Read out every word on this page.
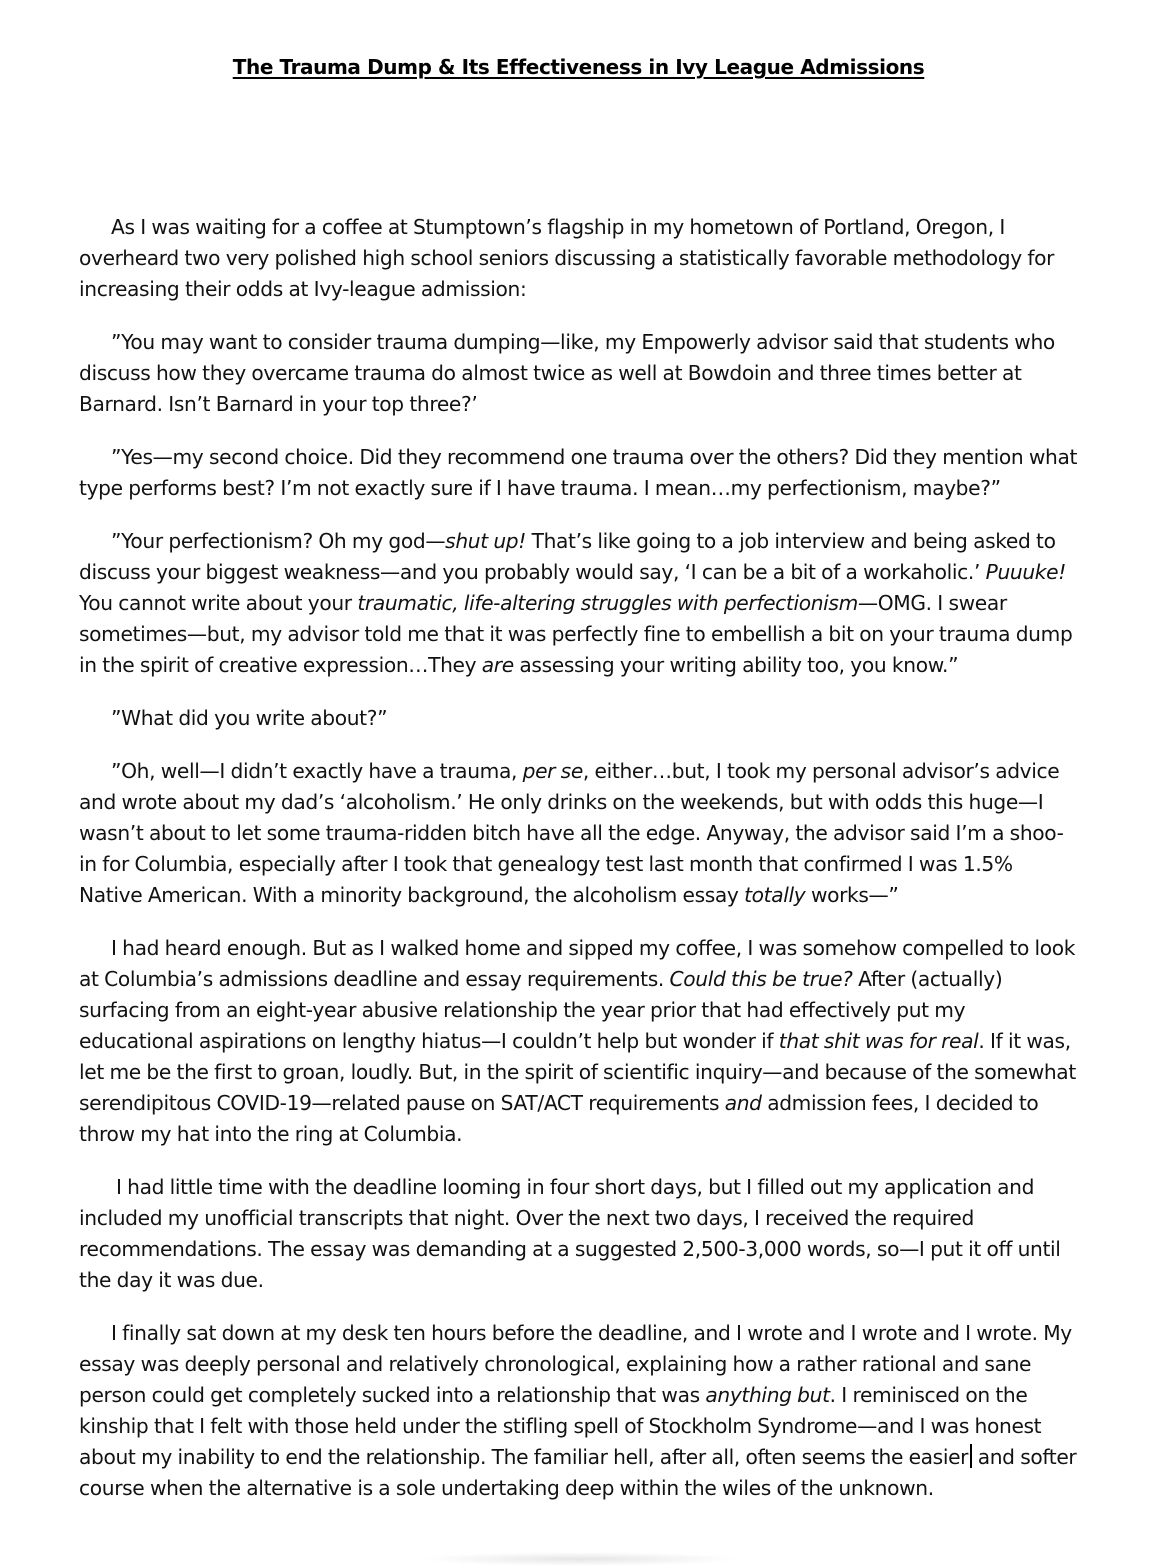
The Trauma Dump & Its Effectiveness in Ivy League Admissions

As I was waiting for a coffee at Stumptown’s flagship in my hometown of Portland, Oregon, I overheard two very polished high school seniors discussing a statistically favorable methodology for increasing their odds at Ivy-league admission:

”You may want to consider trauma dumping—like, my Empowerly advisor said that students who discuss how they overcame trauma do almost twice as well at Bowdoin and three times better at Barnard. Isn’t Barnard in your top three?’

”Yes—my second choice. Did they recommend one trauma over the others? Did they mention what type performs best? I’m not exactly sure if I have trauma. I mean…my perfectionism, maybe?”

”Your perfectionism? Oh my god—shut up! That’s like going to a job interview and being asked to discuss your biggest weakness—and you probably would say, ‘I can be a bit of a workaholic.’ Puuuke! You cannot write about your traumatic, life-altering struggles with perfectionism—OMG. I swear sometimes—but, my advisor told me that it was perfectly fine to embellish a bit on your trauma dump in the spirit of creative expression…They are assessing your writing ability too, you know.”

”What did you write about?”

”Oh, well—I didn’t exactly have a trauma, per se, either…but, I took my personal advisor’s advice and wrote about my dad’s ‘alcoholism.’ He only drinks on the weekends, but with odds this huge—I wasn’t about to let some trauma-ridden bitch have all the edge. Anyway, the advisor said I’m a shoo-in for Columbia, especially after I took that genealogy test last month that confirmed I was 1.5% Native American. With a minority background, the alcoholism essay totally works—”

I had heard enough. But as I walked home and sipped my coffee, I was somehow compelled to look at Columbia’s admissions deadline and essay requirements. Could this be true? After (actually) surfacing from an eight-year abusive relationship the year prior that had effectively put my educational aspirations on lengthy hiatus—I couldn’t help but wonder if that shit was for real. If it was, let me be the first to groan, loudly. But, in the spirit of scientific inquiry—and because of the somewhat serendipitous COVID-19—related pause on SAT/ACT requirements and admission fees, I decided to throw my hat into the ring at Columbia.

I had little time with the deadline looming in four short days, but I filled out my application and included my unofficial transcripts that night. Over the next two days, I received the required recommendations. The essay was demanding at a suggested 2,500-3,000 words, so—I put it off until the day it was due.

I finally sat down at my desk ten hours before the deadline, and I wrote and I wrote and I wrote. My essay was deeply personal and relatively chronological, explaining how a rather rational and sane person could get completely sucked into a relationship that was anything but. I reminisced on the kinship that I felt with those held under the stifling spell of Stockholm Syndrome—and I was honest about my inability to end the relationship. The familiar hell, after all, often seems the easier and softer course when the alternative is a sole undertaking deep within the wiles of the unknown.
